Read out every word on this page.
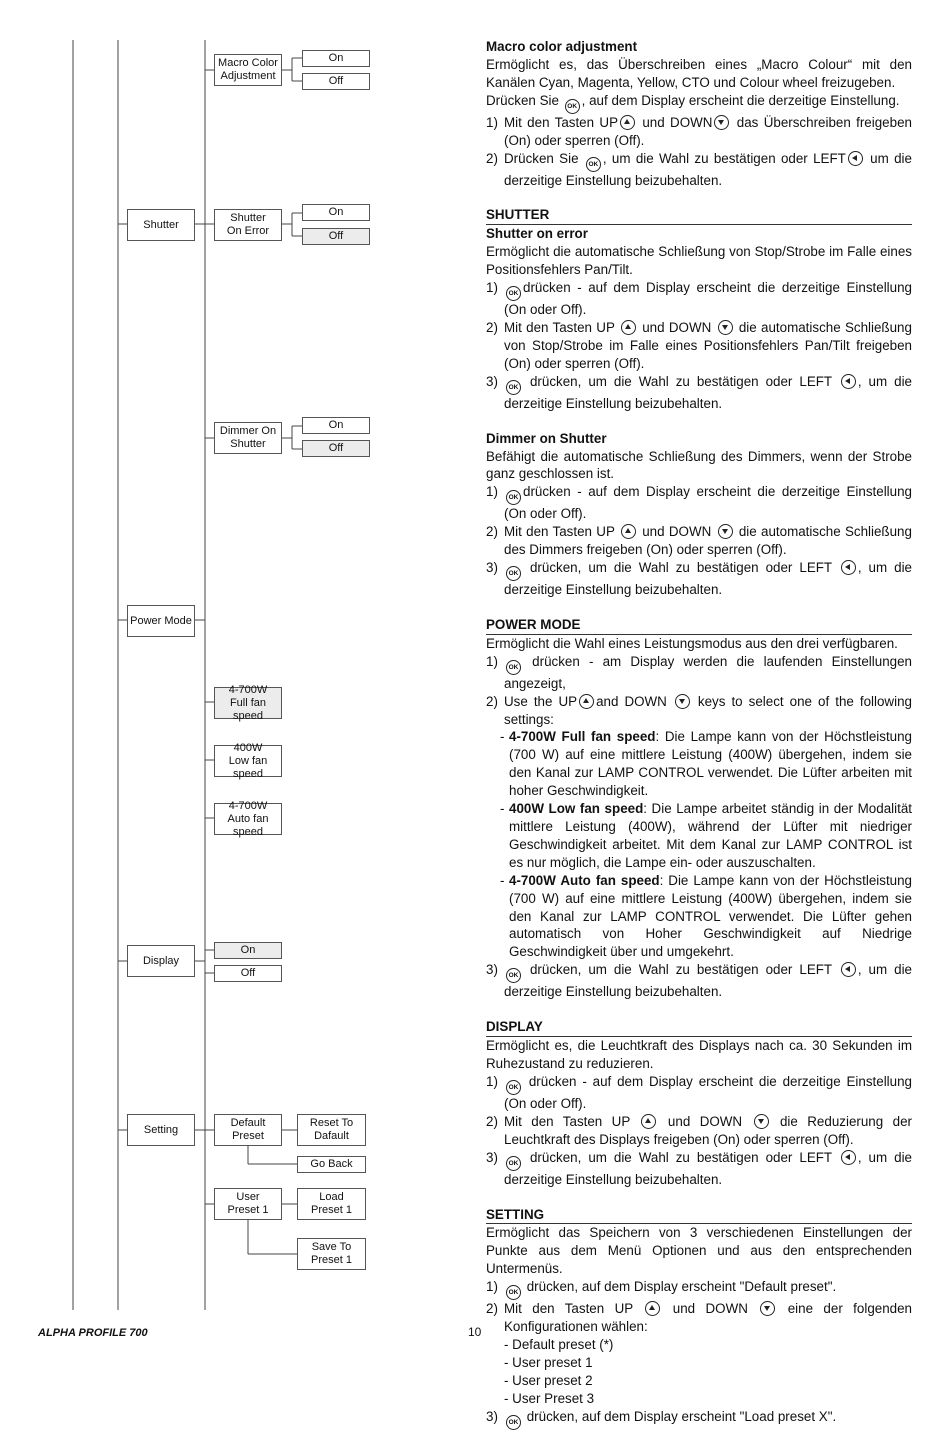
Macro Color
Adjustment
On
Off
Shutter
Shutter
On Error
On
Off
Dimmer On
Shutter
On
Off
Power Mode
4-700W
Full fan speed
400W
Low fan speed
4-700W
Auto fan speed
Display
On
Off
Setting
Default
Preset
Reset To
Dafault
Go Back
User
Preset 1
Load
Preset 1
Save To
Preset 1

Macro color adjustment

Ermöglicht es, das Überschreiben eines „Macro Colour“ mit den Kanälen Cyan, Magenta, Yellow, CTO und Colour wheel freizugeben.

Drücken Sie OK , auf dem Display erscheint die derzeitige Einstellung.

1) Mit den Tasten UP und DOWN das Überschreiben freigeben (On) oder sperren (Off).
2) Drücken Sie OK , um die Wahl zu bestätigen oder LEFT um die derzeitige Einstellung beizubehalten.

SHUTTER

Shutter on error

Ermöglicht die automatische Schließung von Stop/Strobe im Falle eines Positionsfehlers Pan/Tilt.

1)	OK drücken - auf dem Display erscheint die derzeitige Einstellung (On oder Off).
2) Mit den Tasten UP und DOWN die automatische Schließung von Stop/Strobe im Falle eines Positionsfehlers Pan/Tilt freigeben (On) oder sperren (Off).
3)	OK drücken, um die Wahl zu bestätigen oder LEFT , um die derzeitige Einstellung beizubehalten.

Dimmer on Shutter

Befähigt die automatische Schließung des Dimmers, wenn der Strobe ganz geschlossen ist.

1)	OK drücken - auf dem Display erscheint die derzeitige Einstellung (On oder Off).
2) Mit den Tasten UP und DOWN die automatische Schließung des Dimmers freigeben (On) oder sperren (Off).
3)	OK drücken, um die Wahl zu bestätigen oder LEFT , um die derzeitige Einstellung beizubehalten.

POWER MODE

Ermöglicht die Wahl eines Leistungsmodus aus den drei verfügbaren.

1)	OK drücken - am Display werden die laufenden Einstellungen angezeigt,
2) Use the UP and DOWN keys to select one of the following settings:
- 4-700W Full fan speed: Die Lampe kann von der Höchstleistung (700 W) auf eine mittlere Leistung (400W) übergehen, indem sie den Kanal zur LAMP CONTROL verwendet. Die Lüfter arbeiten mit hoher Geschwindigkeit.
- 400W Low fan speed: Die Lampe arbeitet ständig in der Modalität mittlere Leistung (400W), während der Lüfter mit niedriger Geschwindigkeit arbeitet. Mit dem Kanal zur LAMP CONTROL ist es nur möglich, die Lampe ein- oder auszuschalten.
- 4-700W Auto fan speed: Die Lampe kann von der Höchstleistung (700 W) auf eine mittlere Leistung (400W) übergehen, indem sie den Kanal zur LAMP CONTROL verwendet. Die Lüfter gehen automatisch von Hoher Geschwindigkeit auf Niedrige Geschwindigkeit über und umgekehrt.
3)	OK drücken, um die Wahl zu bestätigen oder LEFT , um die derzeitige Einstellung beizubehalten.

DISPLAY

Ermöglicht es, die Leuchtkraft des Displays nach ca. 30 Sekunden im Ruhezustand zu reduzieren.

1)	OK drücken - auf dem Display erscheint die derzeitige Einstellung (On oder Off).
2) Mit den Tasten UP	und DOWN	die Reduzierung der Leuchtkraft des Displays freigeben (On) oder sperren (Off).
3)	OK drücken, um die Wahl zu bestätigen oder LEFT , um die derzeitige Einstellung beizubehalten.

SETTING

Ermöglicht das Speichern von 3 verschiedenen Einstellungen der Punkte aus dem Menü Optionen und aus den entsprechenden Untermenüs.

1)	OK drücken, auf dem Display erscheint "Default preset".
2) Mit den Tasten UP	und DOWN	eine der folgenden Konfigurationen wählen:

- Default preset (*)

- User preset 1

- User preset 2

- User Preset 3

3)	OK drücken, auf dem Display erscheint "Load preset X".
ALPHA PROFILE 700	10
